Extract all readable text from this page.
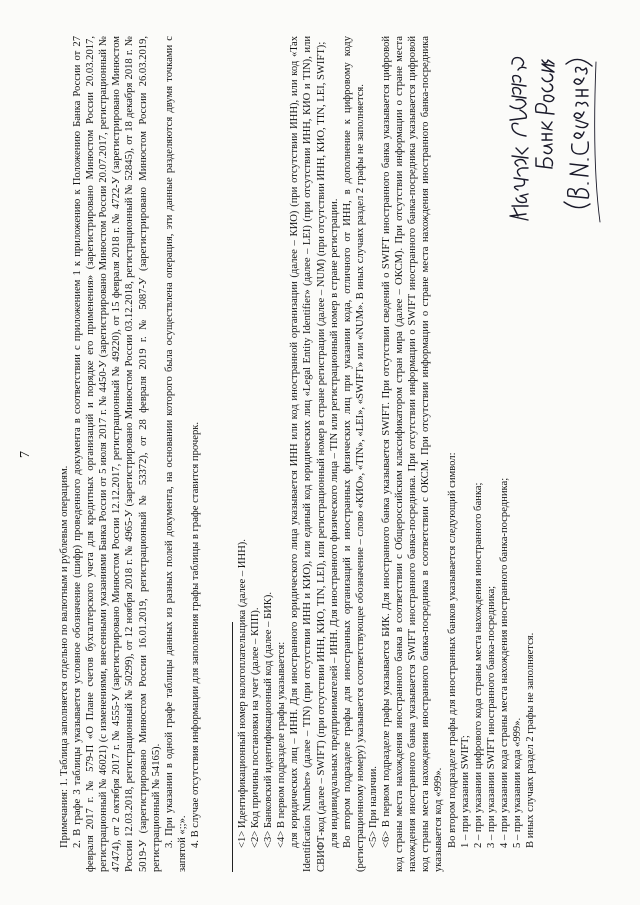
7

Примечания: 1. Таблица заполняется отдельно по валютным и рублевым операциям. 2. В графе 3 таблицы указывается условное обозначение (шифр) проведенного документа в соответствии с приложением 1 к приложению к Положению Банка России от 27 февраля 2017 г. № 579-П «О Плане счетов бухгалтерского учета для кредитных организаций и порядке его применения» (зарегистрировано Минюстом России 20.03.2017, регистрационный № 46021) (с изменениями, внесенными указаниями Банка России от 5 июля 2017 г. № 4450-У (зарегистрировано Минюстом России 20.07.2017, регистрационный № 47474), от 2 октября 2017 г. № 4555-У (зарегистрировано Минюстом России 12.12.2017, регистрационный № 49220), от 15 февраля 2018 г. № 4722-У (зарегистрировано Минюстом России 12.03.2018, регистрационный № 50299), от 12 ноября 2018 г. № 4965-У (зарегистрировано Минюстом России 03.12.2018, регистрационный № 52845), от 18 декабря 2018 г. № 5019-У (зарегистрировано Минюстом России 16.01.2019, регистрационный № 53372), от 28 февраля 2019 г. № 5087-У (зарегистрировано Минюстом России 26.03.2019, регистрационный № 54165). 3. При указании в одной графе таблицы данных из разных полей документа, на основании которого была осуществлена операция, эти данные разделяются двумя точками с запятой «;;». 4. В случае отсутствия информации для заполнения графы таблицы в графе ставится прочерк.	<1> Идентификационный номер налогоплательщика (далее – ИНН). <2> Код причины постановки на учет (далее – КПП). <3> Банковский идентификационный код (далее – БИК). <4> В первом подразделе графы указывается: для юридических лиц – ИНН. Для иностранного юридического лица указывается ИНН или код иностранной организации (далее – КИО) (при отсутствии ИНН), или код «Tax Identification Number» (далее – TIN) (при отсутствии ИНН и КИО), или единый код юридических лиц «Legal Entity Identifier» (далее – LEI) (при отсутствии ИНН, КИО и TIN), или СВИФТ-код (далее – SWIFT) (при отсутствии ИНН, КИО, TIN, LEI), или регистрационный номер в стране регистрации (далее – NUM) (при отсутствии ИНН, КИО, TIN, LEI, SWIFT); для индивидуальных предпринимателей – ИНН. Для иностранного физического лица – TIN или регистрационный номер в стране регистрации. Во втором подразделе графы для иностранных организаций и иностранных физических лиц при указании кода, отличного от ИНН, в дополнение к цифровому коду (регистрационному номеру) указывается соответствующее обозначение – слово «КИО», «TIN», «LEI», «SWIFT» или «NUM». В иных случаях раздел 2 графы не заполняется. <5> При наличии. <6> В первом подразделе графы указывается БИК. Для иностранного банка указывается SWIFT. При отсутствии сведений о SWIFT иностранного банка указывается цифровой код страны места нахождения иностранного банка в соответствии с Общероссийским классификатором стран мира (далее – ОКСМ). При отсутствии информации о стране места нахождения иностранного банка указывается SWIFT иностранного банка-посредника. При отсутствии информации о SWIFT иностранного банка-посредника указывается цифровой код страны места нахождения иностранного банка-посредника в соответствии с ОКСМ. При отсутствии информации о стране места нахождения иностранного банка-посредника указывается код «999». Во втором подразделе графы для иностранных банков указывается следующий символ: 1 – при указании SWIFT; 2 – при указании цифрового кода страны места нахождения иностранного банка; 3 – при указании SWIFT иностранного банка-посредника; 4 – при указании кода страны места нахождения иностранного банка-посредника; 5 – при указании кода «999». В иных случаях раздел 2 графы не заполняется.
